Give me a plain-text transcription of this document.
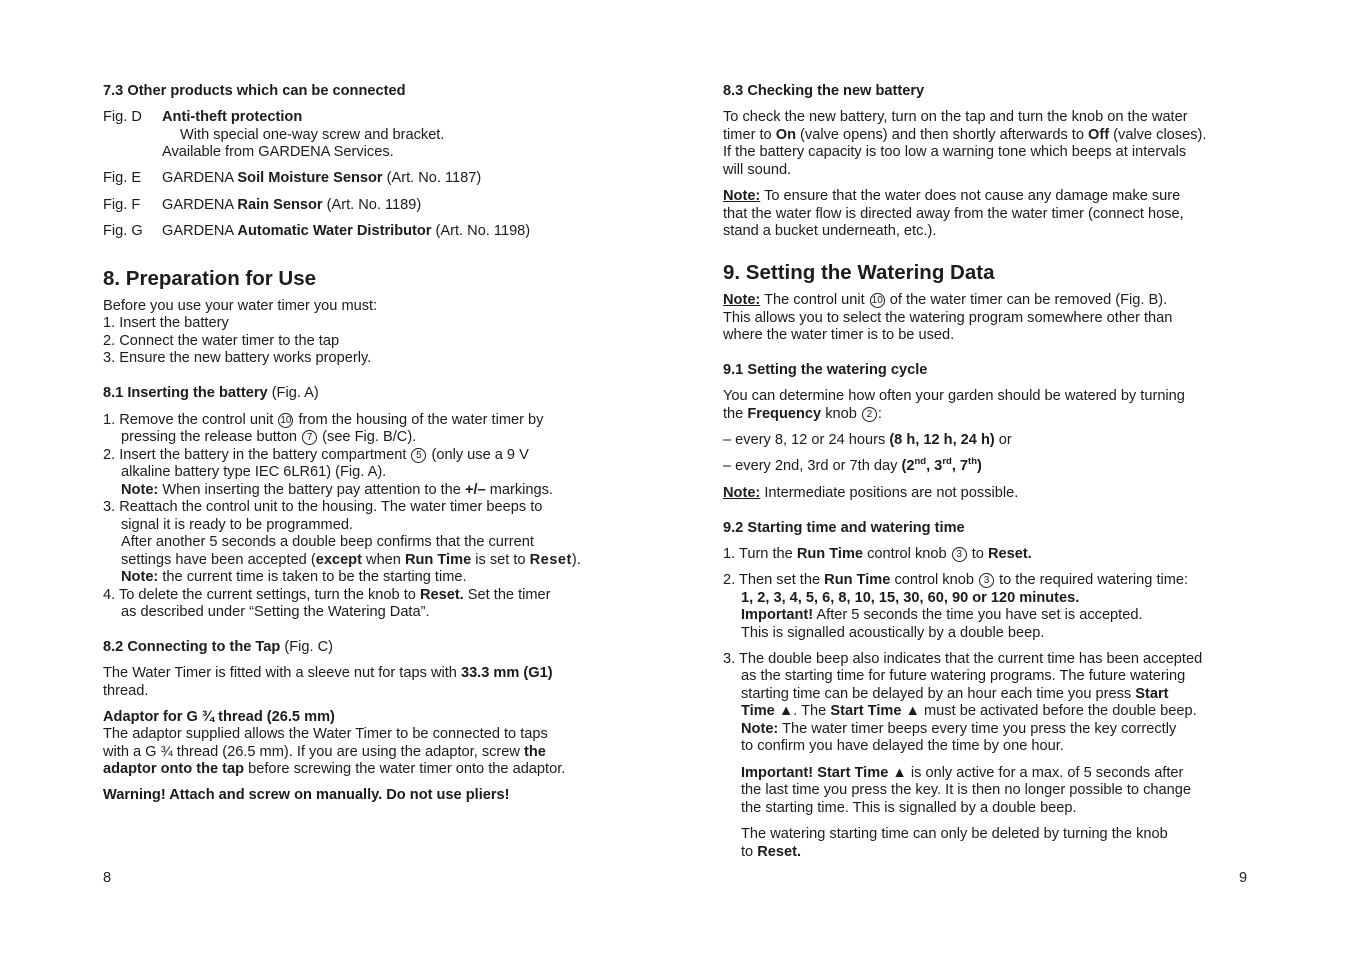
7.3 Other products which can be connected
Fig. D Anti-theft protection
With special one-way screw and bracket.
Available from GARDENA Services.
Fig. E GARDENA Soil Moisture Sensor (Art. No. 1187)
Fig. F GARDENA Rain Sensor (Art. No. 1189)
Fig. G GARDENA Automatic Water Distributor (Art. No. 1198)
8. Preparation for Use
Before you use your water timer you must:
1. Insert the battery
2. Connect the water timer to the tap
3. Ensure the new battery works properly.
8.1 Inserting the battery (Fig. A)
1. Remove the control unit 10 from the housing of the water timer by
pressing the release button 7 (see Fig. B/C).
2. Insert the battery in the battery compartment 5 (only use a 9 V
alkaline battery type IEC 6LR61) (Fig. A).
Note: When inserting the battery pay attention to the +/– markings.
3. Reattach the control unit to the housing. The water timer beeps to
signal it is ready to be programmed.
After another 5 seconds a double beep confirms that the current
settings have been accepted (except when Run Time is set to Reset).
Note: the current time is taken to be the starting time.
4. To delete the current settings, turn the knob to Reset. Set the timer
as described under “Setting the Watering Data”.
8.2 Connecting to the Tap (Fig. C)
The Water Timer is fitted with a sleeve nut for taps with 33.3 mm (G1)
thread.
Adaptor for G ¾ thread (26.5 mm)
The adaptor supplied allows the Water Timer to be connected to taps
with a G ¾ thread (26.5 mm). If you are using the adaptor, screw the
adaptor onto the tap before screwing the water timer onto the adaptor.
Warning! Attach and screw on manually. Do not use pliers!
8
8.3 Checking the new battery
To check the new battery, turn on the tap and turn the knob on the water
timer to On (valve opens) and then shortly afterwards to Off (valve closes).
If the battery capacity is too low a warning tone which beeps at intervals
will sound.
Note: To ensure that the water does not cause any damage make sure
that the water flow is directed away from the water timer (connect hose,
stand a bucket underneath, etc.).
9. Setting the Watering Data
Note: The control unit 10 of the water timer can be removed (Fig. B).
This allows you to select the watering program somewhere other than
where the water timer is to be used.
9.1 Setting the watering cycle
You can determine how often your garden should be watered by turning
the Frequency knob 2 :
– every 8, 12 or 24 hours (8 h, 12 h, 24 h) or
– every 2nd, 3rd or 7th day (2nd, 3rd, 7th)
Note: Intermediate positions are not possible.
9.2 Starting time and watering time
1. Turn the Run Time control knob 3 to Reset.
2. Then set the Run Time control knob 3 to the required watering time:
1, 2, 3, 4, 5, 6, 8, 10, 15, 30, 60, 90 or 120 minutes.
Important! After 5 seconds the time you have set is accepted.
This is signalled acoustically by a double beep.
3. The double beep also indicates that the current time has been accepted
as the starting time for future watering programs. The future watering
starting time can be delayed by an hour each time you press Start
Time ▲. The Start Time ▲ must be activated before the double beep.
Note: The water timer beeps every time you press the key correctly
to confirm you have delayed the time by one hour.
Important! Start Time ▲ is only active for a max. of 5 seconds after
the last time you press the key. It is then no longer possible to change
the starting time. This is signalled by a double beep.
The watering starting time can only be deleted by turning the knob
to Reset.
9
